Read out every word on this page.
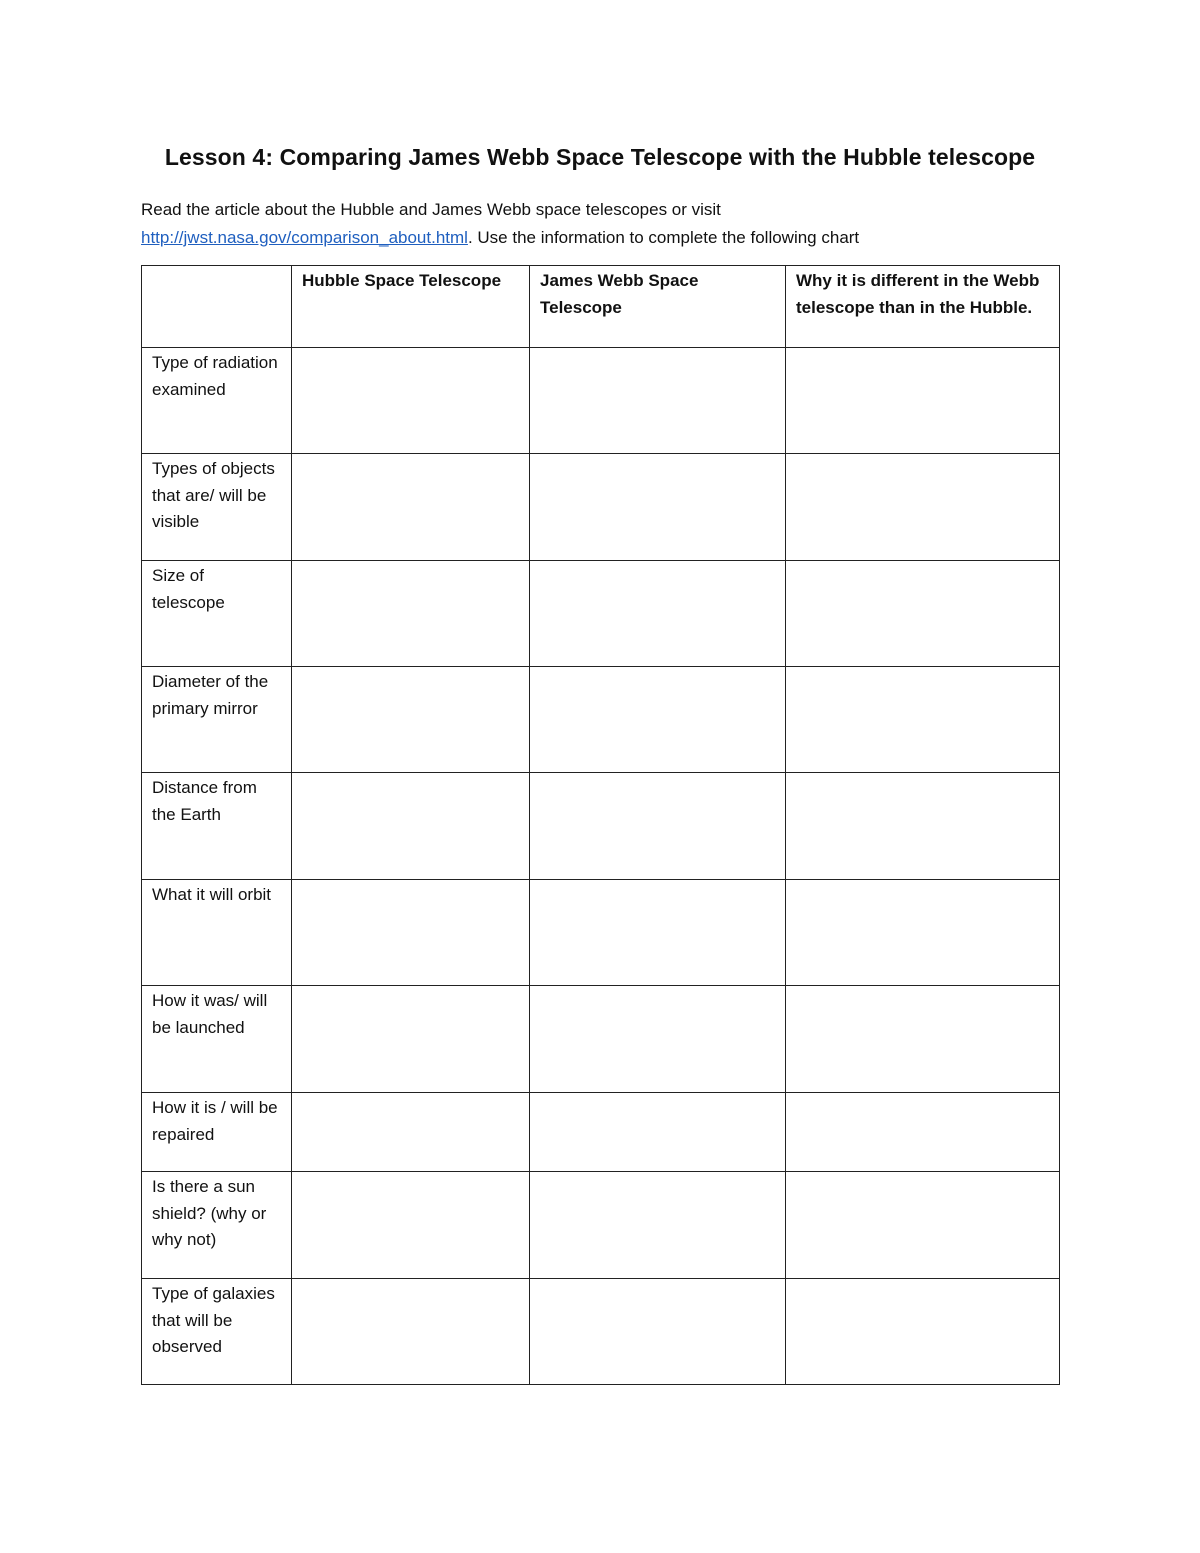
Lesson 4: Comparing James Webb Space Telescope with the Hubble telescope
Read the article about the Hubble and James Webb space telescopes or visit
http://jwst.nasa.gov/comparison_about.html. Use the information to complete the following chart
	Hubble Space Telescope	James Webb Space Telescope	Why it is different in the Webb telescope than in the Hubble.
Type of radiation examined			
Types of objects that are/ will be visible			
Size of telescope			
Diameter of the primary mirror			
Distance from the Earth			
What it will orbit			
How it was/ will be launched			
How it is / will be repaired			
Is there a sun shield? (why or why not)			
Type of galaxies that will be observed			
